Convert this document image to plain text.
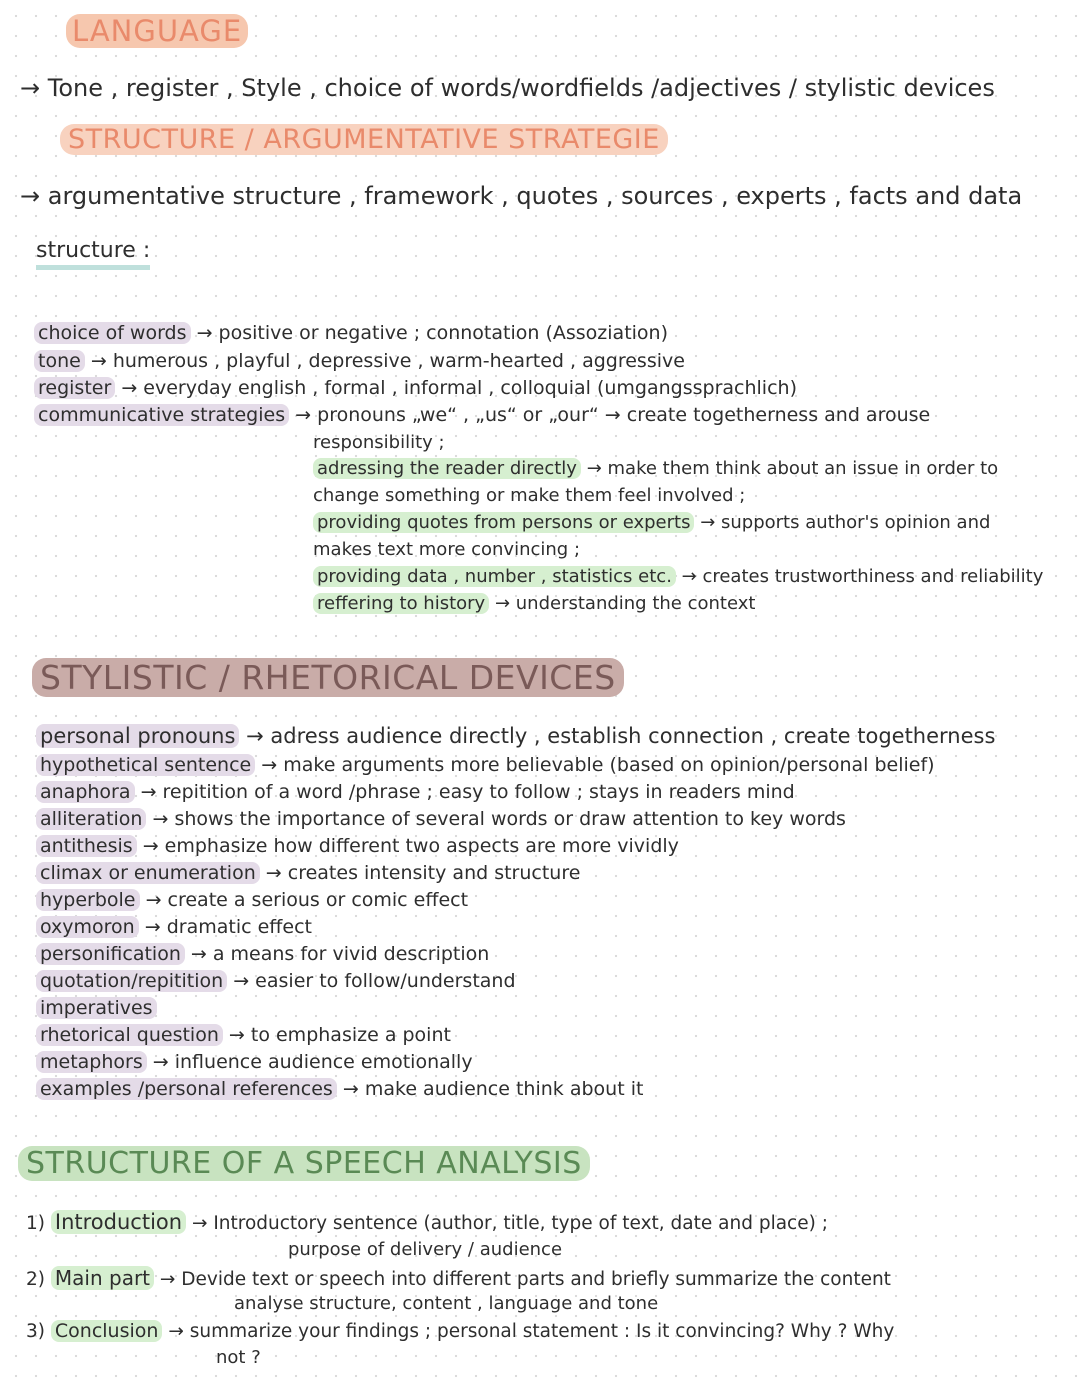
LANGUAGE
→ Tone , register , Style , choice of words/wordfields /adjectives / stylistic devices
STRUCTURE / ARGUMENTATIVE STRATEGIE
→ argumentative structure , framework , quotes , sources , experts , facts and data
structure :
choice of words → positive or negative ; connotation (Assoziation)
tone → humerous , playful , depressive , warm-hearted , aggressive
register → everyday english , formal , informal , colloquial (umgangssprachlich)
communicative strategies → pronouns „we“ , „us“ or „our“ → create togetherness and arouse
responsibility ;
adressing the reader directly → make them think about an issue in order to
change something or make them feel involved ;
providing quotes from persons or experts → supports author's opinion and
makes text more convincing ;
providing data , number , statistics etc. → creates trustworthiness and reliability
reffering to history → understanding the context
STYLISTIC / RHETORICAL DEVICES
personal pronouns → adress audience directly , establish connection , create togetherness
hypothetical sentence → make arguments more believable (based on opinion/personal belief)
anaphora → repitition of a word /phrase ; easy to follow ; stays in readers mind
alliteration → shows the importance of several words or draw attention to key words
antithesis → emphasize how different two aspects are more vividly
climax or enumeration → creates intensity and structure
hyperbole → create a serious or comic effect
oxymoron → dramatic effect
personification → a means for vivid description
quotation/repitition → easier to follow/understand
imperatives
rhetorical question → to emphasize a point
metaphors → influence audience emotionally
examples /personal references → make audience think about it
STRUCTURE OF A SPEECH ANALYSIS
1) Introduction → Introductory sentence (author, title, type of text, date and place) ;
purpose of delivery / audience
2) Main part → Devide text or speech into different parts and briefly summarize the content
analyse structure, content , language and tone
3) Conclusion → summarize your findings ; personal statement : Is it convincing? Why ? Why
not ?
